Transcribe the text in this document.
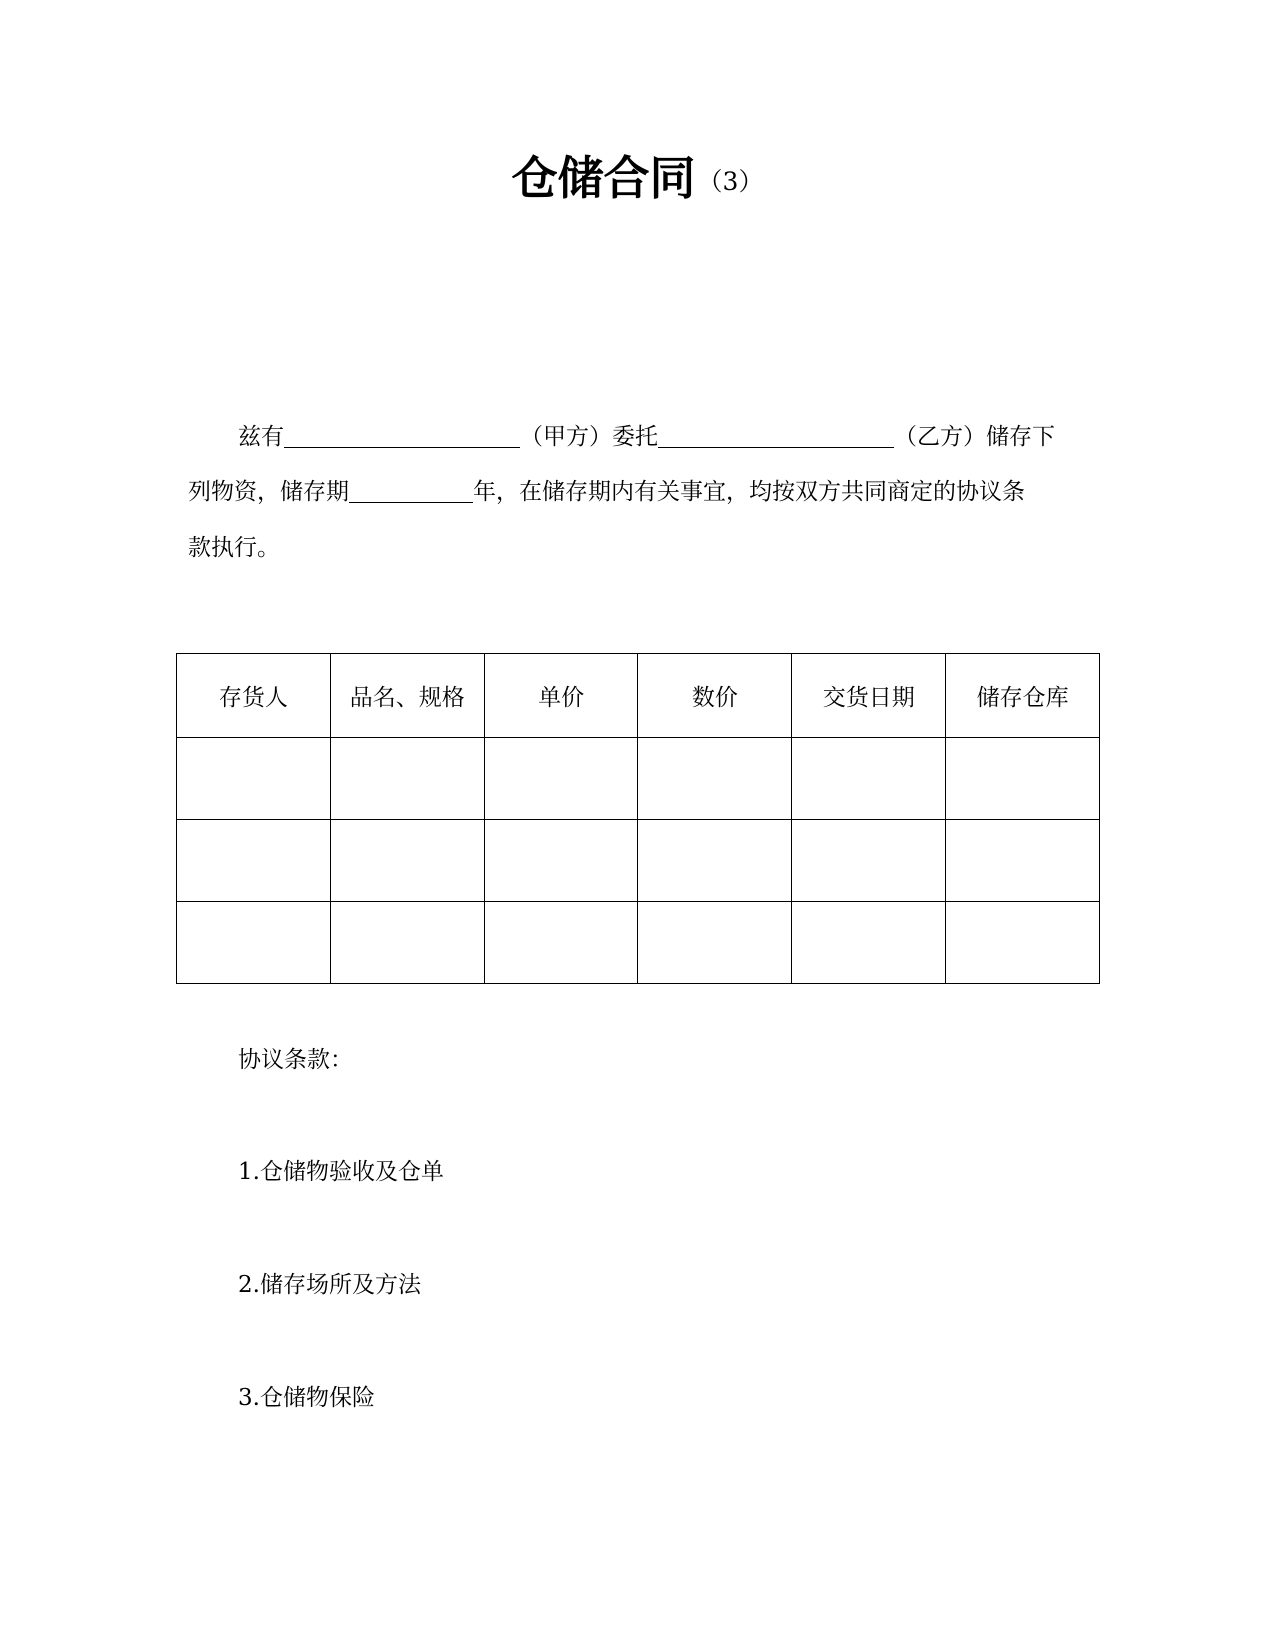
仓储合同（3）
兹有	（甲方）委托	（乙方）储存下
列物资，储存期	年，在储存期内有关事宜，均按双方共同商定的协议条
款执行。
存货人	品名、规格	单价	数价	交货日期	储存仓库

协议条款：
1.仓储物验收及仓单
2.储存场所及方法
3.仓储物保险
